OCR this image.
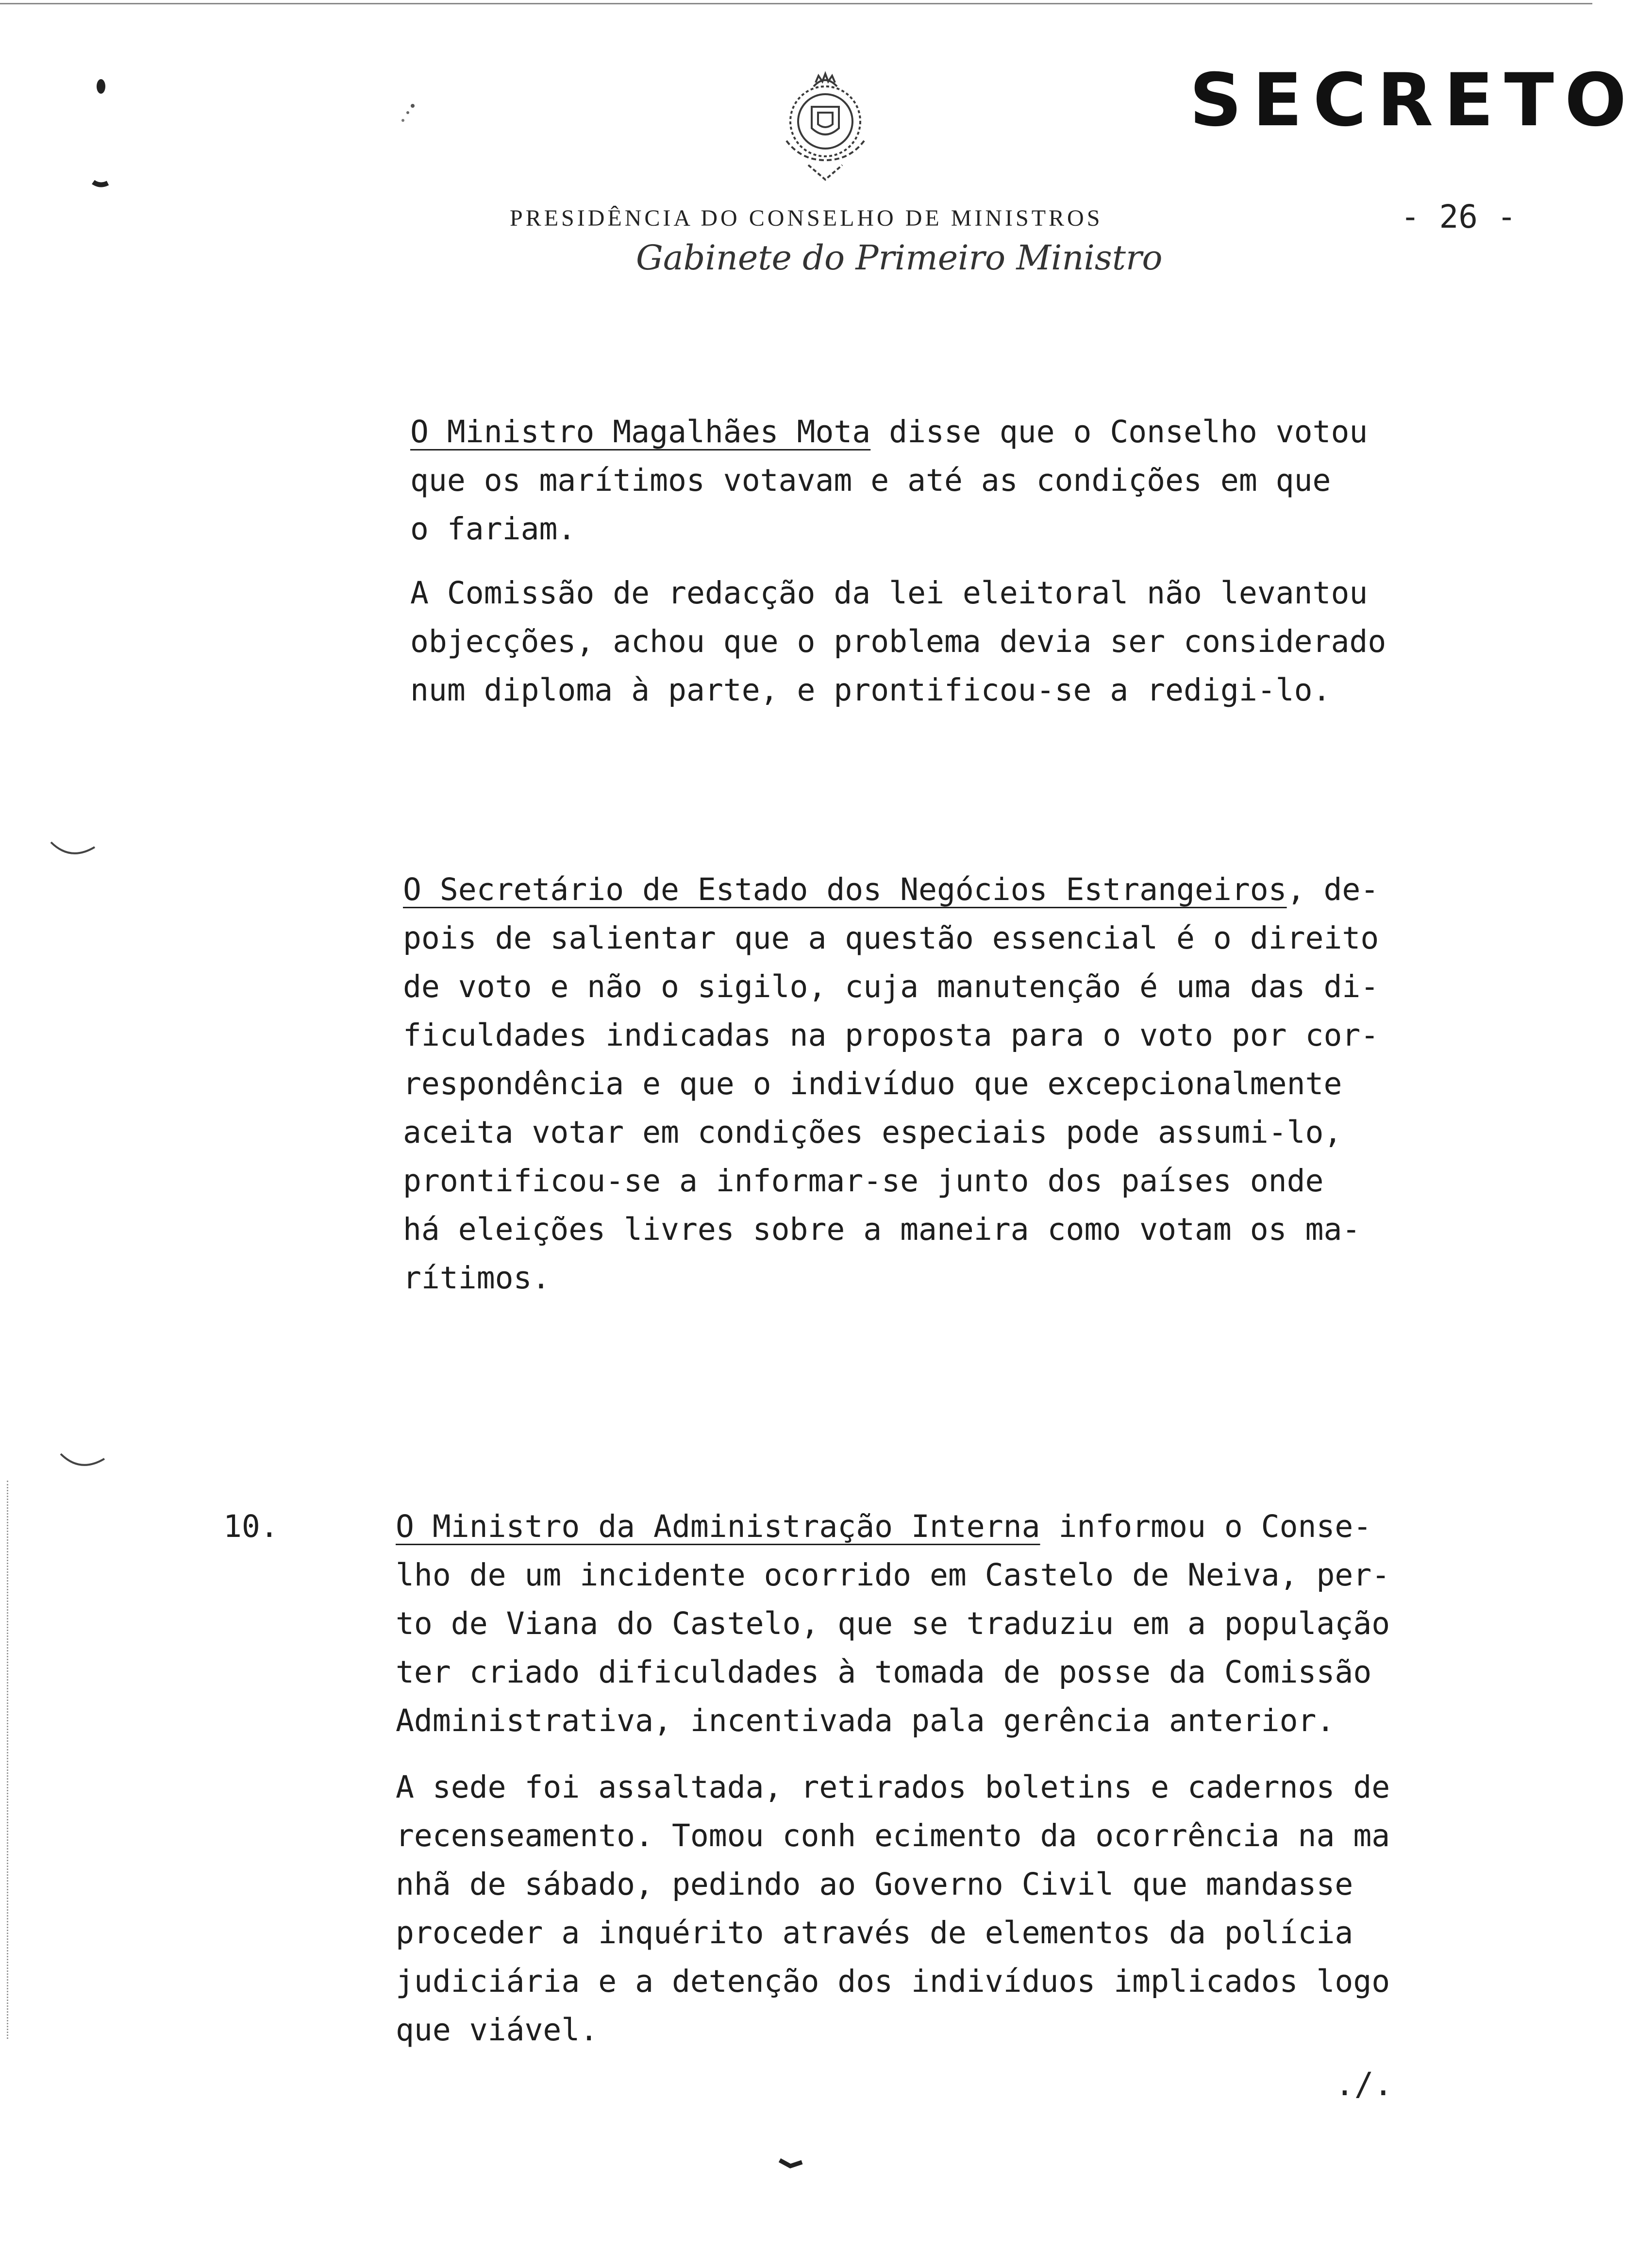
SECRETO
PRESIDÊNCIA DO CONSELHO DE MINISTROS	- 26 -
Gabinete do Primeiro Ministro
O Ministro Magalhães Mota disse que o Conselho votou
que os marítimos votavam e até as condições em que
o fariam.
A Comissão de redacção da lei eleitoral não levantou
objecções, achou que o problema devia ser considerado
num diploma à parte, e prontificou-se a redigi-lo.
O Secretário de Estado dos Negócios Estrangeiros, de-
pois de salientar que a questão essencial é o direito
de voto e não o sigilo, cuja manutenção é uma das di-
ficuldades indicadas na proposta para o voto por cor-
respondência e que o indivíduo que excepcionalmente
aceita votar em condições especiais pode assumi-lo,
prontificou-se a informar-se junto dos países onde
há eleições livres sobre a maneira como votam os ma-
rítimos.
10.	O Ministro da Administração Interna informou o Conse-
lho de um incidente ocorrido em Castelo de Neiva, per-
to de Viana do Castelo, que se traduziu em a população
ter criado dificuldades à tomada de posse da Comissão
Administrativa, incentivada pala gerência anterior.
A sede foi assaltada, retirados boletins e cadernos de
recenseamento. Tomou conh ecimento da ocorrência na ma
nhã de sábado, pedindo ao Governo Civil que mandasse
proceder a inquérito através de elementos da polícia
judiciária e a detenção dos indivíduos implicados logo
que viável.
./.
